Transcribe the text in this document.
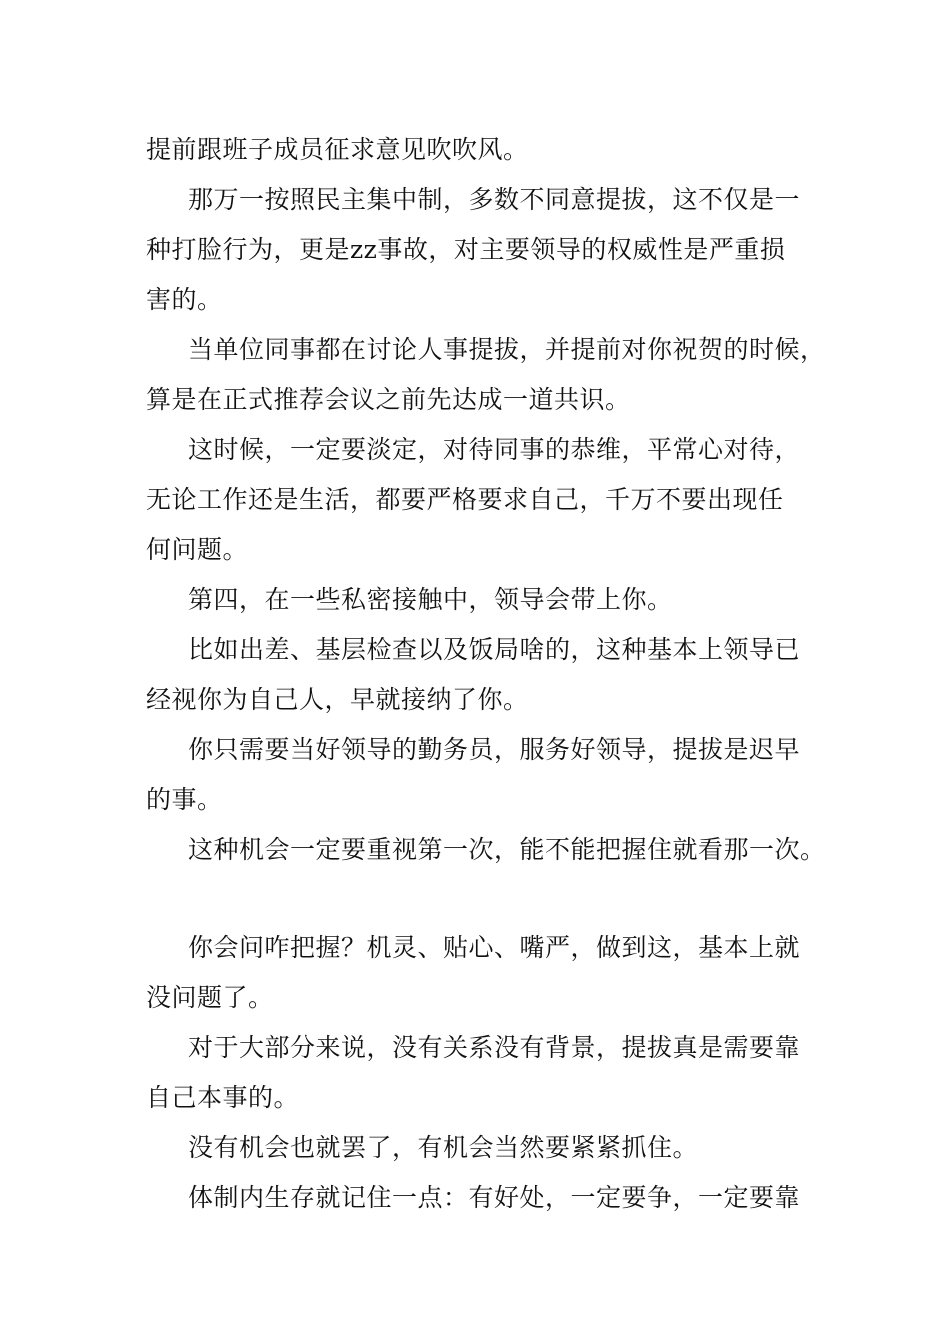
提前跟班子成员征求意见吹吹风。
那万一按照民主集中制，多数不同意提拔，这不仅是一
种打脸行为，更是zz事故，对主要领导的权威性是严重损
害的。
当单位同事都在讨论人事提拔，并提前对你祝贺的时候，
算是在正式推荐会议之前先达成一道共识。
这时候，一定要淡定，对待同事的恭维，平常心对待，
无论工作还是生活，都要严格要求自己，千万不要出现任
何问题。
第四，在一些私密接触中，领导会带上你。
比如出差、基层检查以及饭局啥的，这种基本上领导已
经视你为自己人，早就接纳了你。
你只需要当好领导的勤务员，服务好领导，提拔是迟早
的事。
这种机会一定要重视第一次，能不能把握住就看那一次。
你会问咋把握？机灵、贴心、嘴严，做到这，基本上就
没问题了。
对于大部分来说，没有关系没有背景，提拔真是需要靠
自己本事的。
没有机会也就罢了，有机会当然要紧紧抓住。
体制内生存就记住一点：有好处，一定要争，一定要靠
